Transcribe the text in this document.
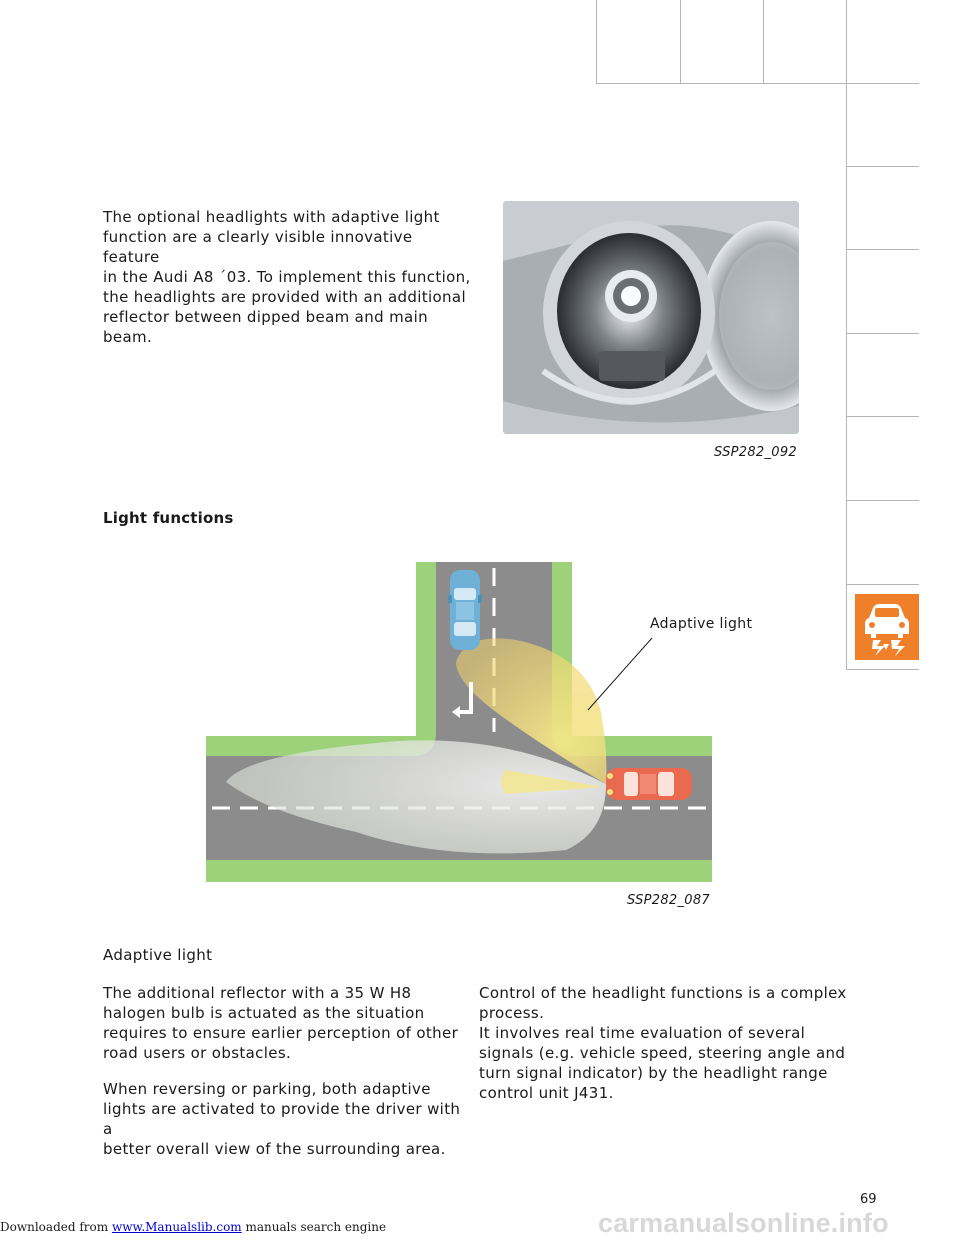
The optional headlights with adaptive light
function are a clearly visible innovative feature
in the Audi A8 ´03. To implement this function,
the headlights are provided with an additional
reflector between dipped beam and main
beam.
SSP282_092
Light functions
Adaptive light
SSP282_087
Adaptive light
The additional reflector with a 35 W H8
halogen bulb is actuated as the situation
requires to ensure earlier perception of other
road users or obstacles.
When reversing or parking, both adaptive
lights are activated to provide the driver with a
better overall view of the surrounding area.
Control of the headlight functions is a complex
process.
It involves real time evaluation of several
signals (e.g. vehicle speed, steering angle and
turn signal indicator) by the headlight range
control unit J431.
69
carmanualsonline.info
Downloaded from www.Manualslib.com manuals search engine
